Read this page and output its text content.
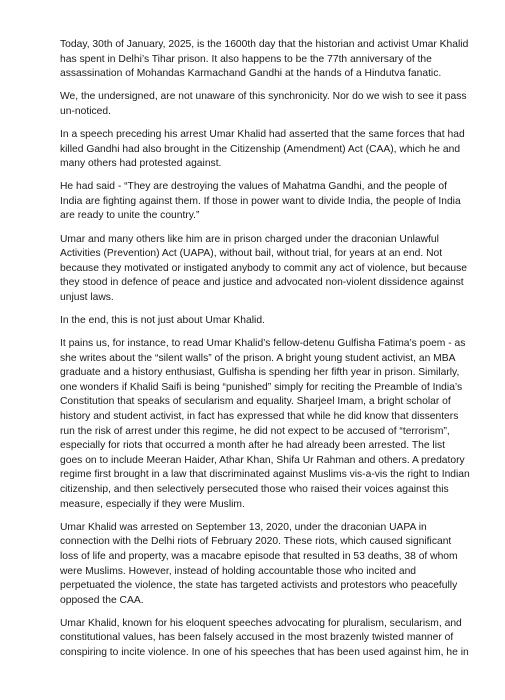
Today, 30th of January, 2025, is the 1600th day that the historian and activist Umar Khalid has spent in Delhi’s Tihar prison. It also happens to be the 77th anniversary of the assassination of Mohandas Karmachand Gandhi at the hands of a Hindutva fanatic.

We, the undersigned, are not unaware of this synchronicity. Nor do we wish to see it pass un-noticed.

In a speech preceding his arrest Umar Khalid had asserted that the same forces that had killed Gandhi had also brought in the Citizenship (Amendment) Act (CAA), which he and many others had protested against.

He had said - “They are destroying the values of Mahatma Gandhi, and the people of India are fighting against them. If those in power want to divide India, the people of India are ready to unite the country.”

Umar and many others like him are in prison charged under the draconian Unlawful Activities (Prevention) Act (UAPA), without bail, without trial, for years at an end. Not because they motivated or instigated anybody to commit any act of violence, but because they stood in defence of peace and justice and advocated non-violent dissidence against unjust laws.

In the end, this is not just about Umar Khalid.

It pains us, for instance, to read Umar Khalid’s fellow-detenu Gulfisha Fatima’s poem - as she writes about the “silent walls” of the prison. A bright young student activist, an MBA graduate and a history enthusiast, Gulfisha is spending her fifth year in prison. Similarly, one wonders if Khalid Saifi is being “punished” simply for reciting the Preamble of India’s Constitution that speaks of secularism and equality. Sharjeel Imam, a bright scholar of history and student activist, in fact has expressed that while he did know that dissenters run the risk of arrest under this regime, he did not expect to be accused of “terrorism”, especially for riots that occurred a month after he had already been arrested. The list goes on to include Meeran Haider, Athar Khan, Shifa Ur Rahman and others. A predatory regime first brought in a law that discriminated against Muslims vis-a-vis the right to Indian citizenship, and then selectively persecuted those who raised their voices against this measure, especially if they were Muslim.

Umar Khalid was arrested on September 13, 2020, under the draconian UAPA in connection with the Delhi riots of February 2020. These riots, which caused significant loss of life and property, was a macabre episode that resulted in 53 deaths, 38 of whom were Muslims. However, instead of holding accountable those who incited and perpetuated the violence, the state has targeted activists and protestors who peacefully opposed the CAA.

Umar Khalid, known for his eloquent speeches advocating for pluralism, secularism, and constitutional values, has been falsely accused in the most brazenly twisted manner of conspiring to incite violence. In one of his speeches that has been used against him, he in
